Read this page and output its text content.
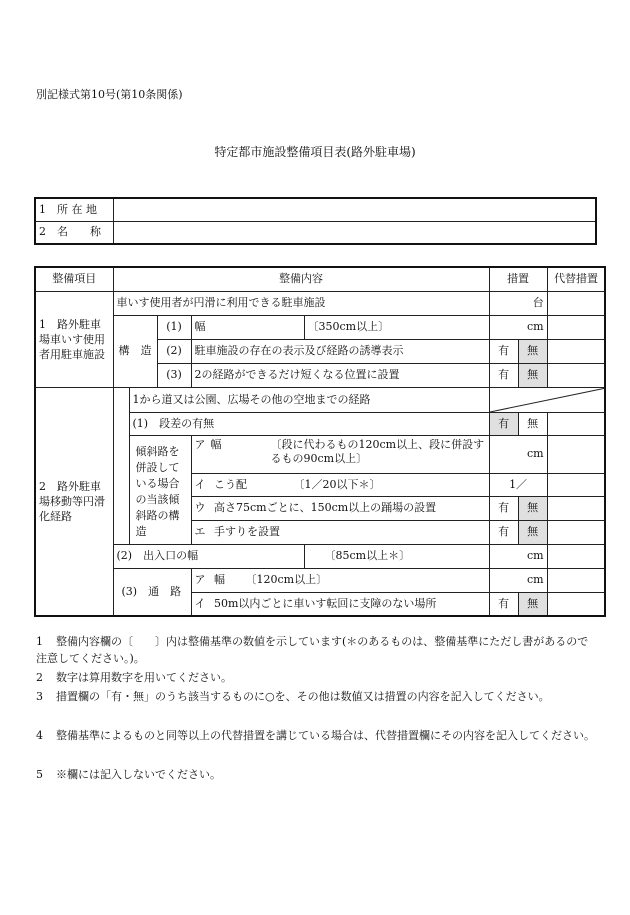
別記様式第10号(第10条関係)
特定都市施設整備項目表(路外駐車場)
1　所 在 地	
2　名　　称	
整備項目	整備内容					措置		代替措置	
1　路外駐車場車いす使用者用駐車施設	車いす使用者が円滑に利用できる駐車施設					台			
	構　造		(1)	幅	〔350cm以上〕	cm			
			(2)	駐車施設の存在の表示及び経路の誘導表示		有	無		
			(3)	2の経路ができるだけ短くなる位置に設置		有	無		
2　路外駐車場移動等円滑化経路		1から道又は公園、広場その他の空地までの経路	

		(1)　段差の有無				有	無		
		傾斜路を併設している場合の当該傾斜路の構造		ア 幅 〔段に代わるもの120cm以上、段に併設するもの90cm以上〕		cm			
				イ こう配 〔1／20以下＊〕		1／			
				ウ 高さ75cmごとに、150cm以上の踊場の設置		有	無		
				エ 手すりを設置		有	無		
	(2)　出入口の幅				〔85cm以上＊〕	cm			
	(3)　通　路			ア 幅 〔120cm以上〕		cm			
				イ 50m以内ごとに車いす転回に支障のない場所		有	無		
1 整備内容欄の〔　　〕内は整備基準の数値を示しています(＊のあるものは、整備基準にただし書があるので注意してください。)。
2 数字は算用数字を用いてください。
3 措置欄の「有・無」のうち該当するものに○を、その他は数値又は措置の内容を記入してください。
4 整備基準によるものと同等以上の代替措置を講じている場合は、代替措置欄にその内容を記入してください。
5 ※欄には記入しないでください。
